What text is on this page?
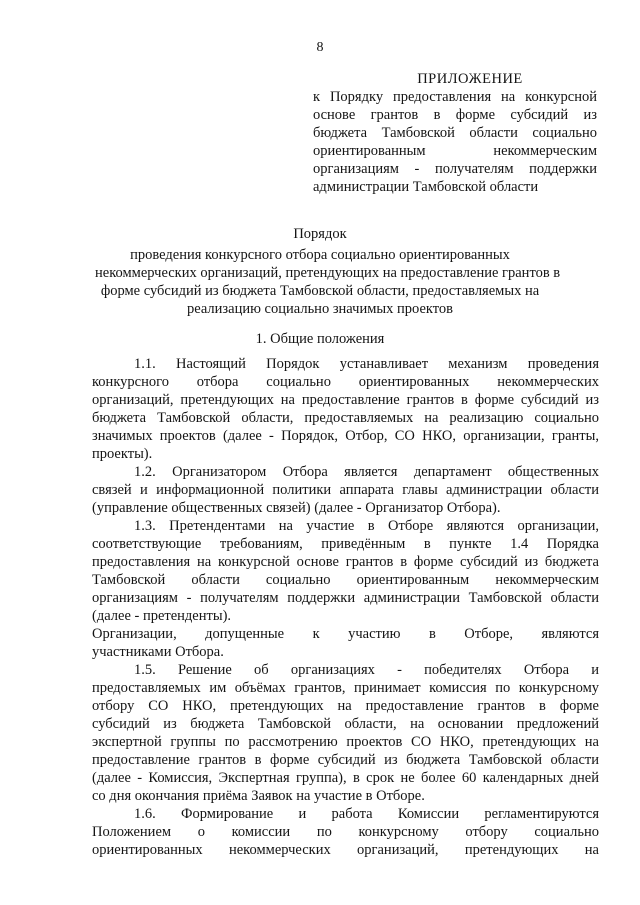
8
ПРИЛОЖЕНИЕ
к Порядку предоставления на конкурсной
основе грантов в форме субсидий из
бюджета Тамбовской области социально
ориентированным некоммерческим
организациям - получателям поддержки
администрации Тамбовской области
Порядок
проведения конкурсного отбора социально ориентированных
некоммерческих организаций, претендующих на предоставление грантов в
форме субсидий из бюджета Тамбовской области, предоставляемых на
реализацию социально значимых проектов
1. Общие положения
1.1. Настоящий Порядок устанавливает механизм проведения
конкурсного отбора социально ориентированных некоммерческих
организаций, претендующих на предоставление грантов в форме субсидий из
бюджета Тамбовской области, предоставляемых на реализацию социально
значимых проектов (далее - Порядок, Отбор, СО НКО, организации, гранты,
проекты).
1.2. Организатором Отбора является департамент общественных
связей и информационной политики аппарата главы администрации области
(управление общественных связей) (далее - Организатор Отбора).
1.3. Претендентами на участие в Отборе являются организации,
соответствующие требованиям, приведённым в пункте 1.4 Порядка
предоставления на конкурсной основе грантов в форме субсидий из бюджета
Тамбовской области социально ориентированным некоммерческим
организациям - получателям поддержки администрации Тамбовской области
(далее - претенденты).
Организации, допущенные к участию в Отборе, являются
участниками Отбора.
1.5. Решение об организациях - победителях Отбора и
предоставляемых им объёмах грантов, принимает комиссия по конкурсному
отбору СО НКО, претендующих на предоставление грантов в форме
субсидий из бюджета Тамбовской области, на основании предложений
экспертной группы по рассмотрению проектов СО НКО, претендующих на
предоставление грантов в форме субсидий из бюджета Тамбовской области
(далее - Комиссия, Экспертная группа), в срок не более 60 календарных дней
со дня окончания приёма Заявок на участие в Отборе.
1.6. Формирование и работа Комиссии регламентируются
Положением о комиссии по конкурсному отбору социально
ориентированных некоммерческих организаций, претендующих на
